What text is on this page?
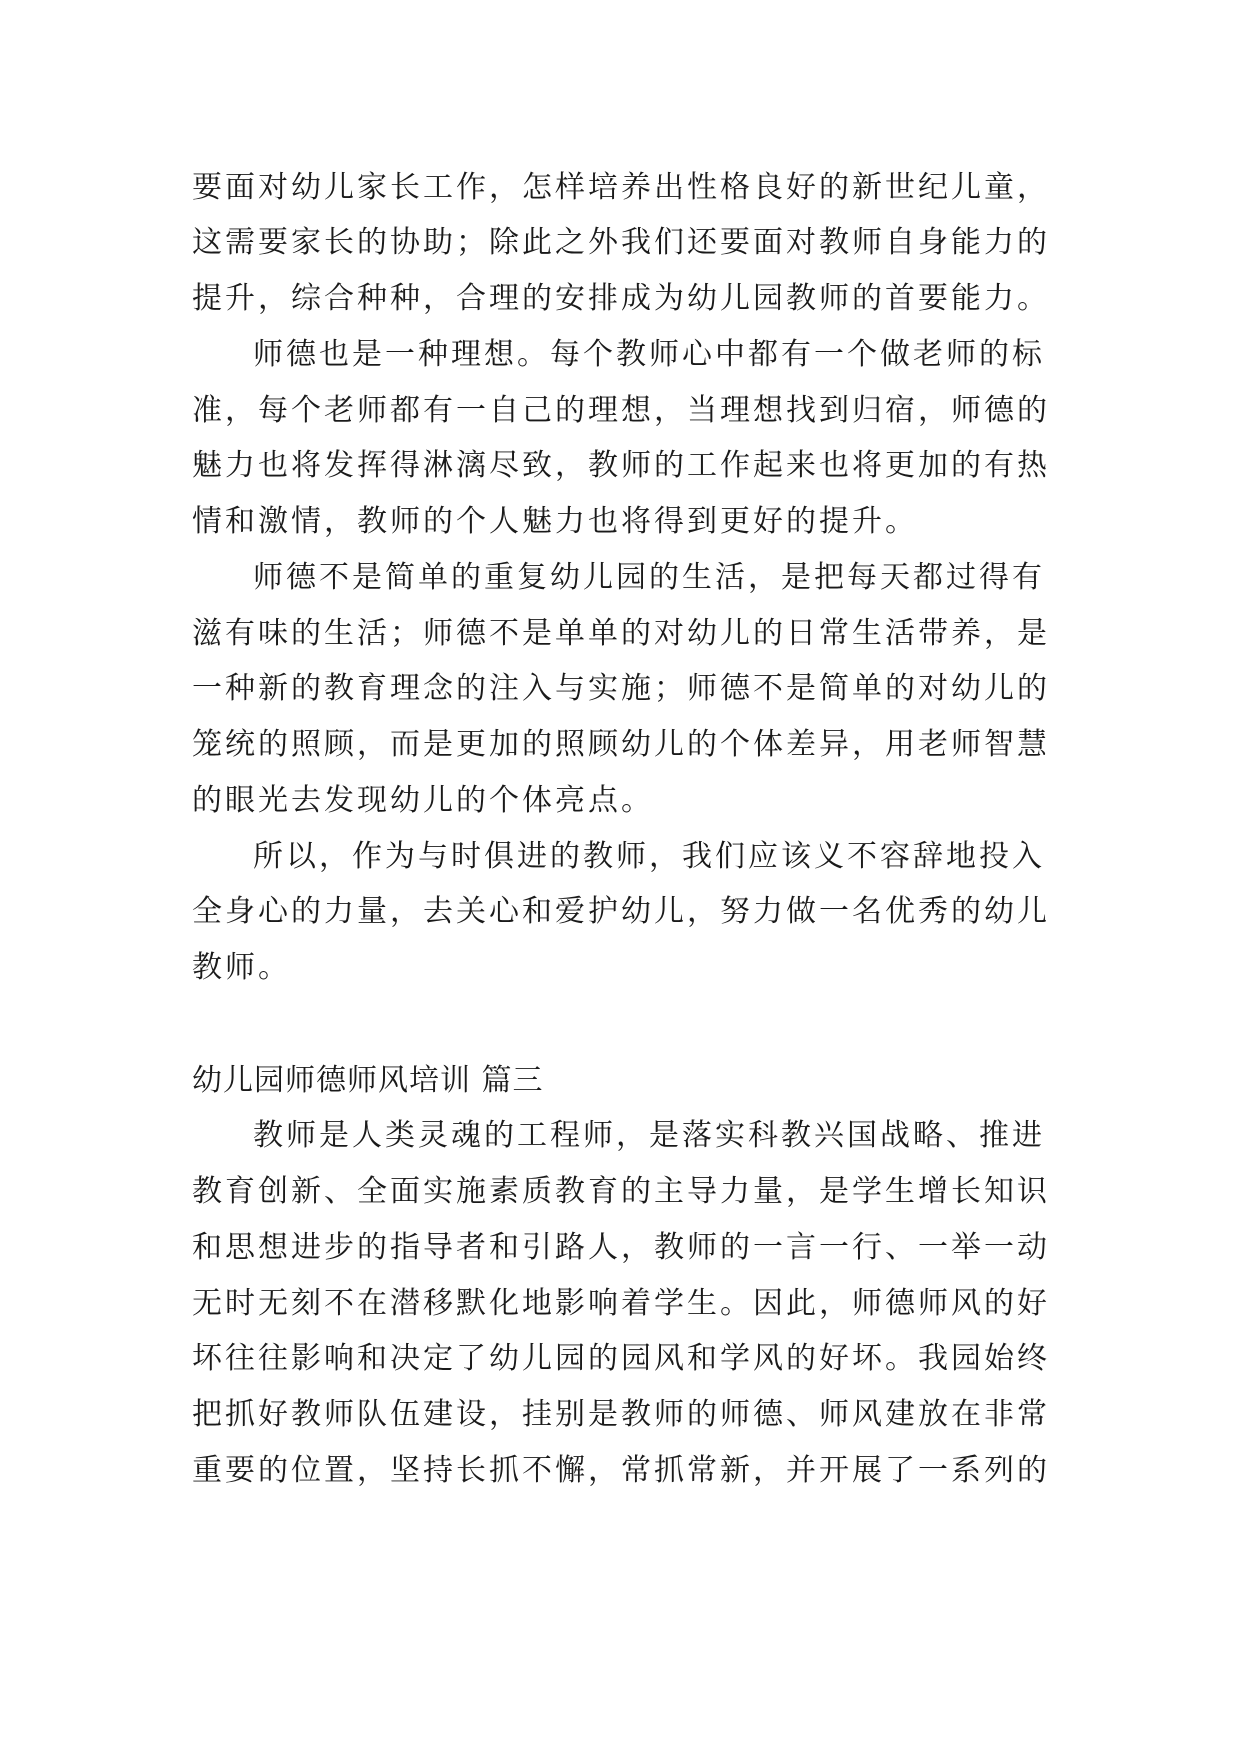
要面对幼儿家长工作，怎样培养出性格良好的新世纪儿童，
这需要家长的协助；除此之外我们还要面对教师自身能力的
提升，综合种种，合理的安排成为幼儿园教师的首要能力。
师德也是一种理想。每个教师心中都有一个做老师的标
准，每个老师都有一自己的理想，当理想找到归宿，师德的
魅力也将发挥得淋漓尽致，教师的工作起来也将更加的有热
情和激情，教师的个人魅力也将得到更好的提升。
师德不是简单的重复幼儿园的生活，是把每天都过得有
滋有味的生活；师德不是单单的对幼儿的日常生活带养，是
一种新的教育理念的注入与实施；师德不是简单的对幼儿的
笼统的照顾，而是更加的照顾幼儿的个体差异，用老师智慧
的眼光去发现幼儿的个体亮点。
所以，作为与时俱进的教师，我们应该义不容辞地投入
全身心的力量，去关心和爱护幼儿，努力做一名优秀的幼儿
教师。
幼儿园师德师风培训 篇三
教师是人类灵魂的工程师，是落实科教兴国战略、推进
教育创新、全面实施素质教育的主导力量，是学生增长知识
和思想进步的指导者和引路人，教师的一言一行、一举一动
无时无刻不在潜移默化地影响着学生。因此，师德师风的好
坏往往影响和决定了幼儿园的园风和学风的好坏。我园始终
把抓好教师队伍建设，挂别是教师的师德、师风建放在非常
重要的位置，坚持长抓不懈，常抓常新，并开展了一系列的
